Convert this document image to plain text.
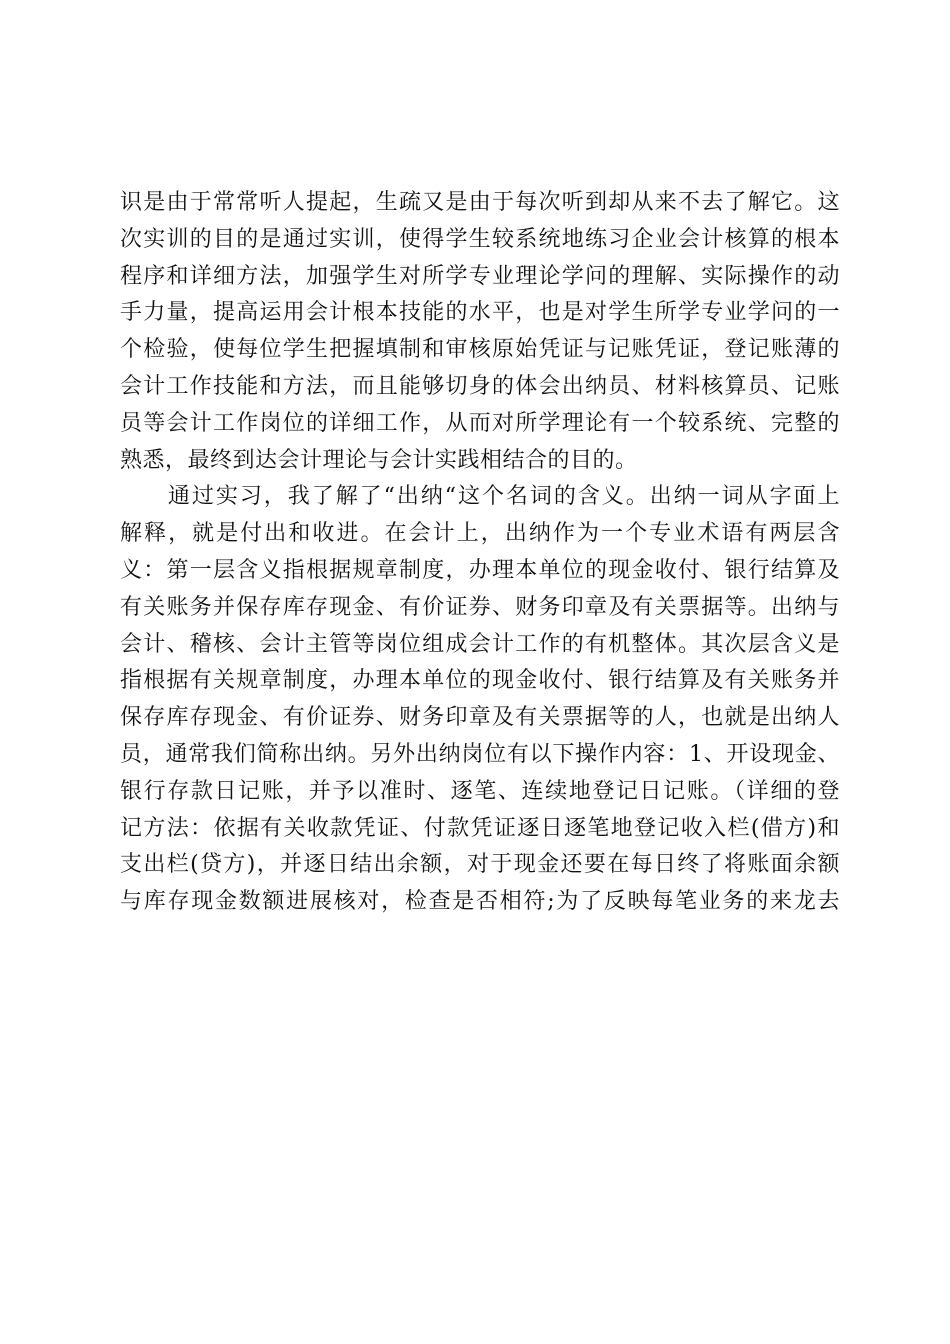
识是由于常常听人提起，生疏又是由于每次听到却从来不去了解它。这
次实训的目的是通过实训，使得学生较系统地练习企业会计核算的根本
程序和详细方法，加强学生对所学专业理论学问的理解、实际操作的动
手力量，提高运用会计根本技能的水平，也是对学生所学专业学问的一
个检验，使每位学生把握填制和审核原始凭证与记账凭证，登记账薄的
会计工作技能和方法，而且能够切身的体会出纳员、材料核算员、记账
员等会计工作岗位的详细工作，从而对所学理论有一个较系统、完整的
熟悉，最终到达会计理论与会计实践相结合的目的。
　　通过实习，我了解了“出纳“这个名词的含义。出纳一词从字面上
解释，就是付出和收进。在会计上，出纳作为一个专业术语有两层含
义：第一层含义指根据规章制度，办理本单位的现金收付、银行结算及
有关账务并保存库存现金、有价证券、财务印章及有关票据等。出纳与
会计、稽核、会计主管等岗位组成会计工作的有机整体。其次层含义是
指根据有关规章制度，办理本单位的现金收付、银行结算及有关账务并
保存库存现金、有价证券、财务印章及有关票据等的人，也就是出纳人
员，通常我们简称出纳。另外出纳岗位有以下操作内容：1、开设现金、
银行存款日记账，并予以准时、逐笔、连续地登记日记账。（详细的登
记方法：依据有关收款凭证、付款凭证逐日逐笔地登记收入栏(借方)和
支出栏(贷方)，并逐日结出余额，对于现金还要在每日终了将账面余额
与库存现金数额进展核对，检查是否相符;为了反映每笔业务的来龙去
